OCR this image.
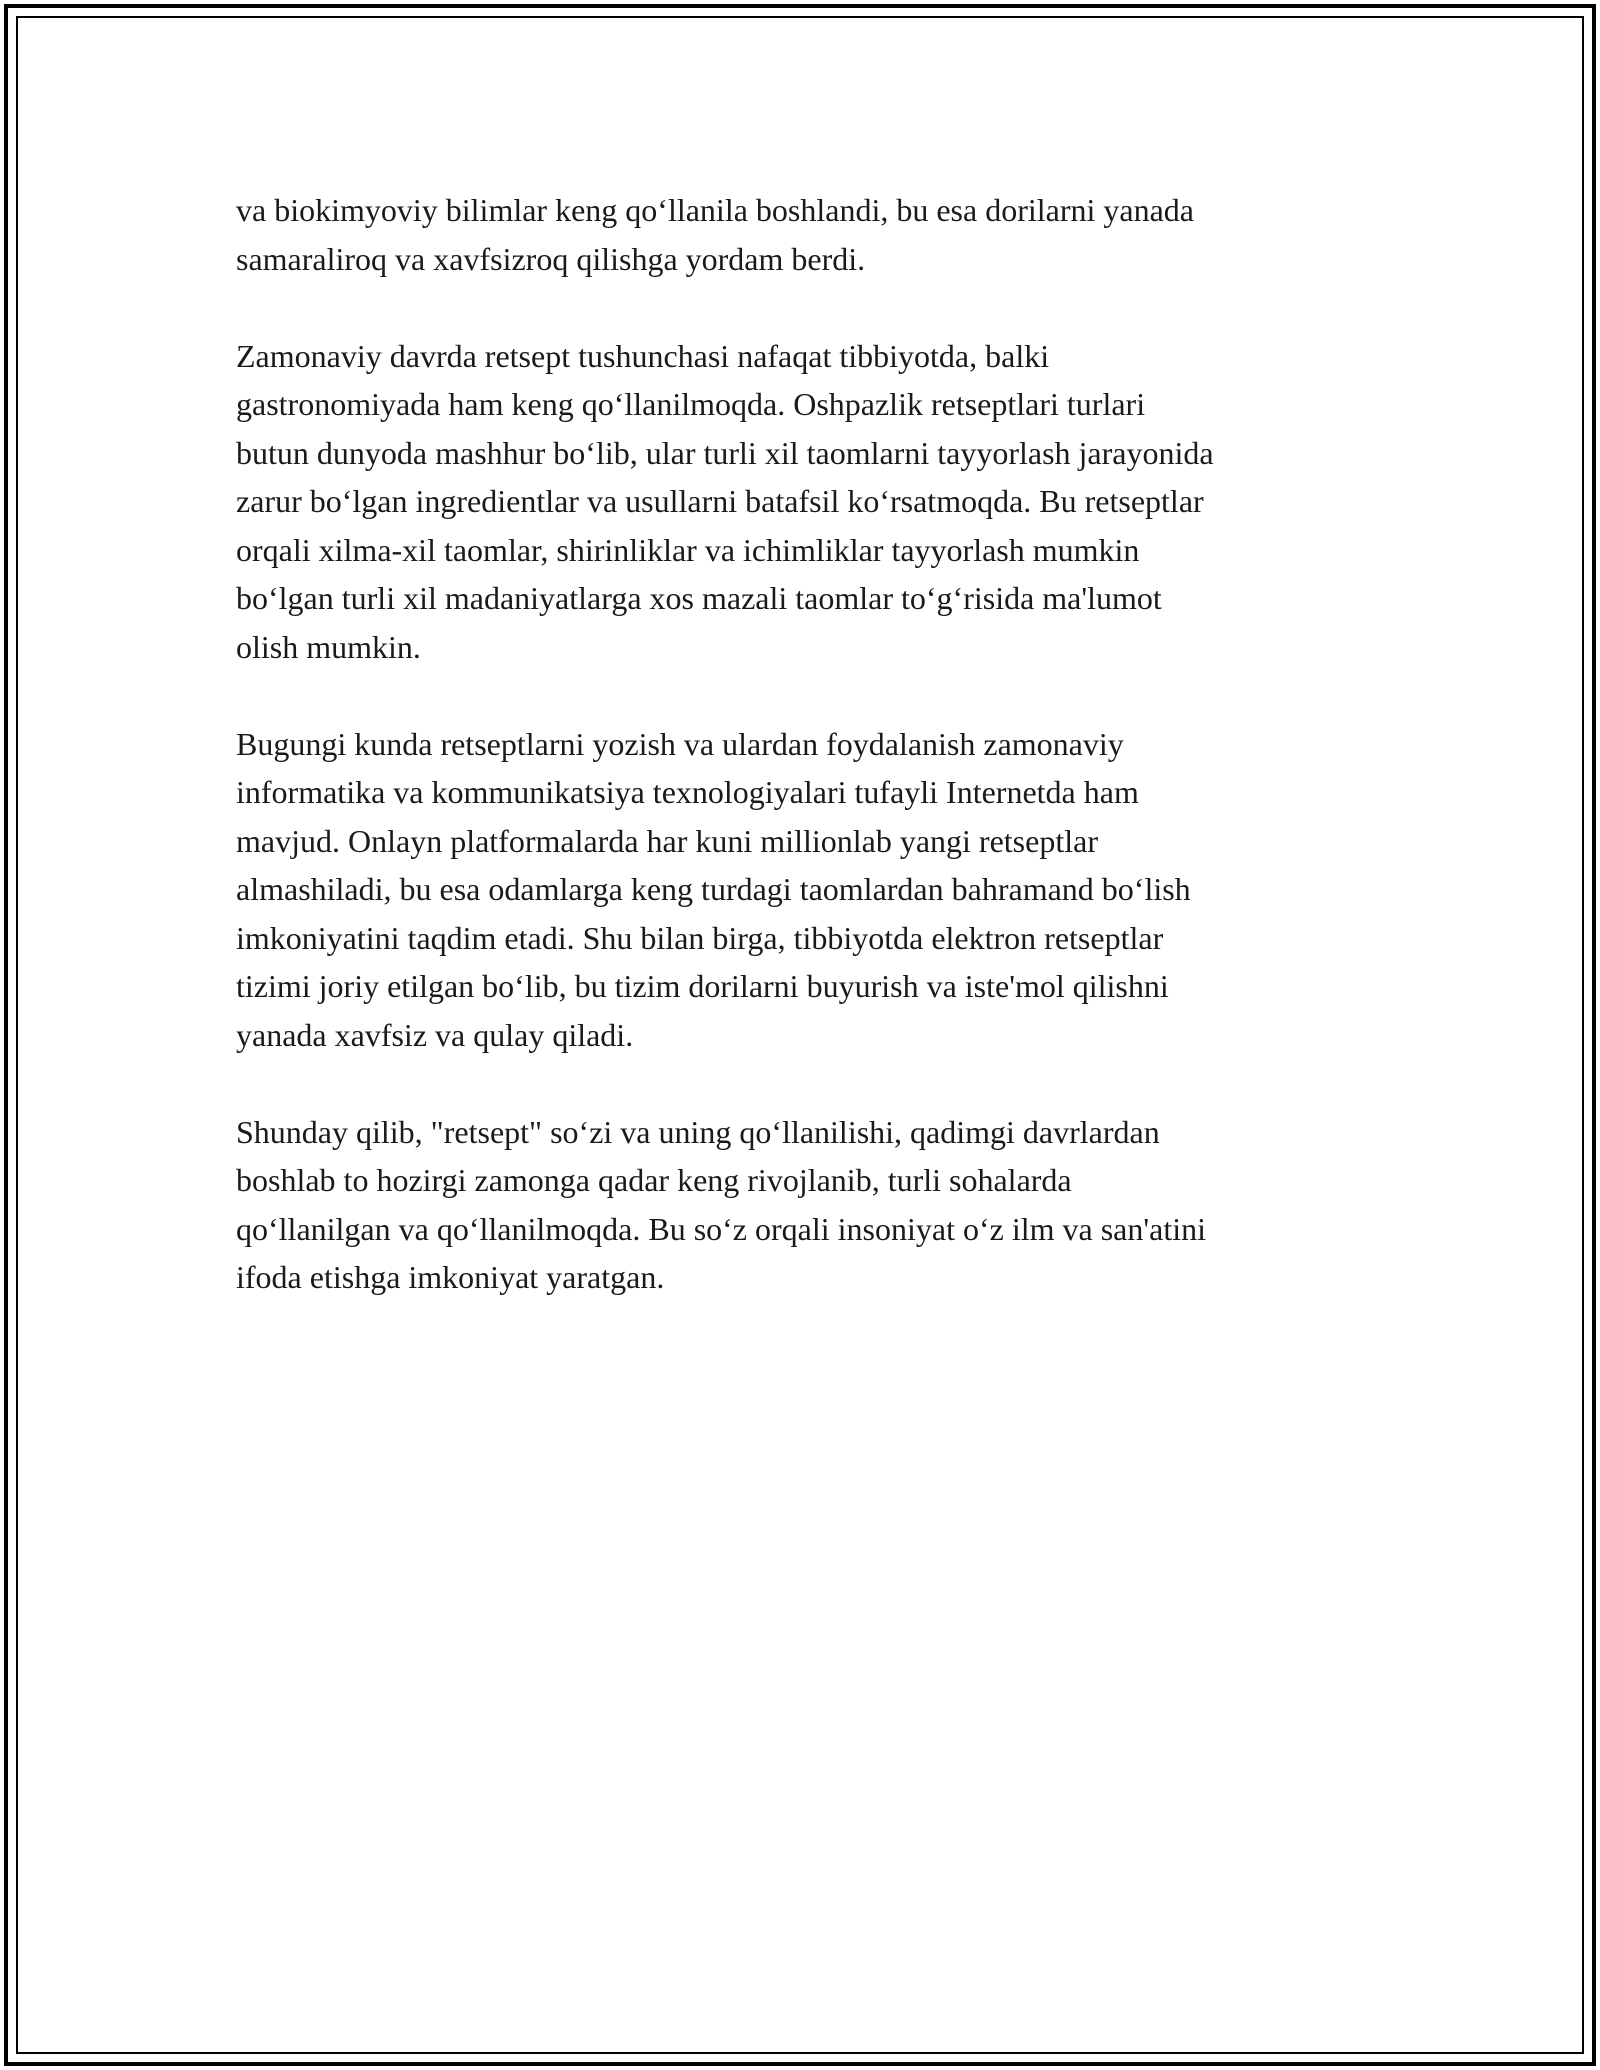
va biokimyoviy bilimlar keng qo‘llanila boshlandi, bu esa dorilarni yanada
samaraliroq va xavfsizroq qilishga yordam berdi.

Zamonaviy davrda retsept tushunchasi nafaqat tibbiyotda, balki
gastronomiyada ham keng qo‘llanilmoqda. Oshpazlik retseptlari turlari
butun dunyoda mashhur bo‘lib, ular turli xil taomlarni tayyorlash jarayonida
zarur bo‘lgan ingredientlar va usullarni batafsil ko‘rsatmoqda. Bu retseptlar
orqali xilma-xil taomlar, shirinliklar va ichimliklar tayyorlash mumkin
bo‘lgan turli xil madaniyatlarga xos mazali taomlar to‘g‘risida ma'lumot
olish mumkin.

Bugungi kunda retseptlarni yozish va ulardan foydalanish zamonaviy
informatika va kommunikatsiya texnologiyalari tufayli Internetda ham
mavjud. Onlayn platformalarda har kuni millionlab yangi retseptlar
almashiladi, bu esa odamlarga keng turdagi taomlardan bahramand bo‘lish
imkoniyatini taqdim etadi. Shu bilan birga, tibbiyotda elektron retseptlar
tizimi joriy etilgan bo‘lib, bu tizim dorilarni buyurish va iste'mol qilishni
yanada xavfsiz va qulay qiladi.

Shunday qilib, "retsept" so‘zi va uning qo‘llanilishi, qadimgi davrlardan
boshlab to hozirgi zamonga qadar keng rivojlanib, turli sohalarda
qo‘llanilgan va qo‘llanilmoqda. Bu so‘z orqali insoniyat o‘z ilm va san'atini
ifoda etishga imkoniyat yaratgan.
